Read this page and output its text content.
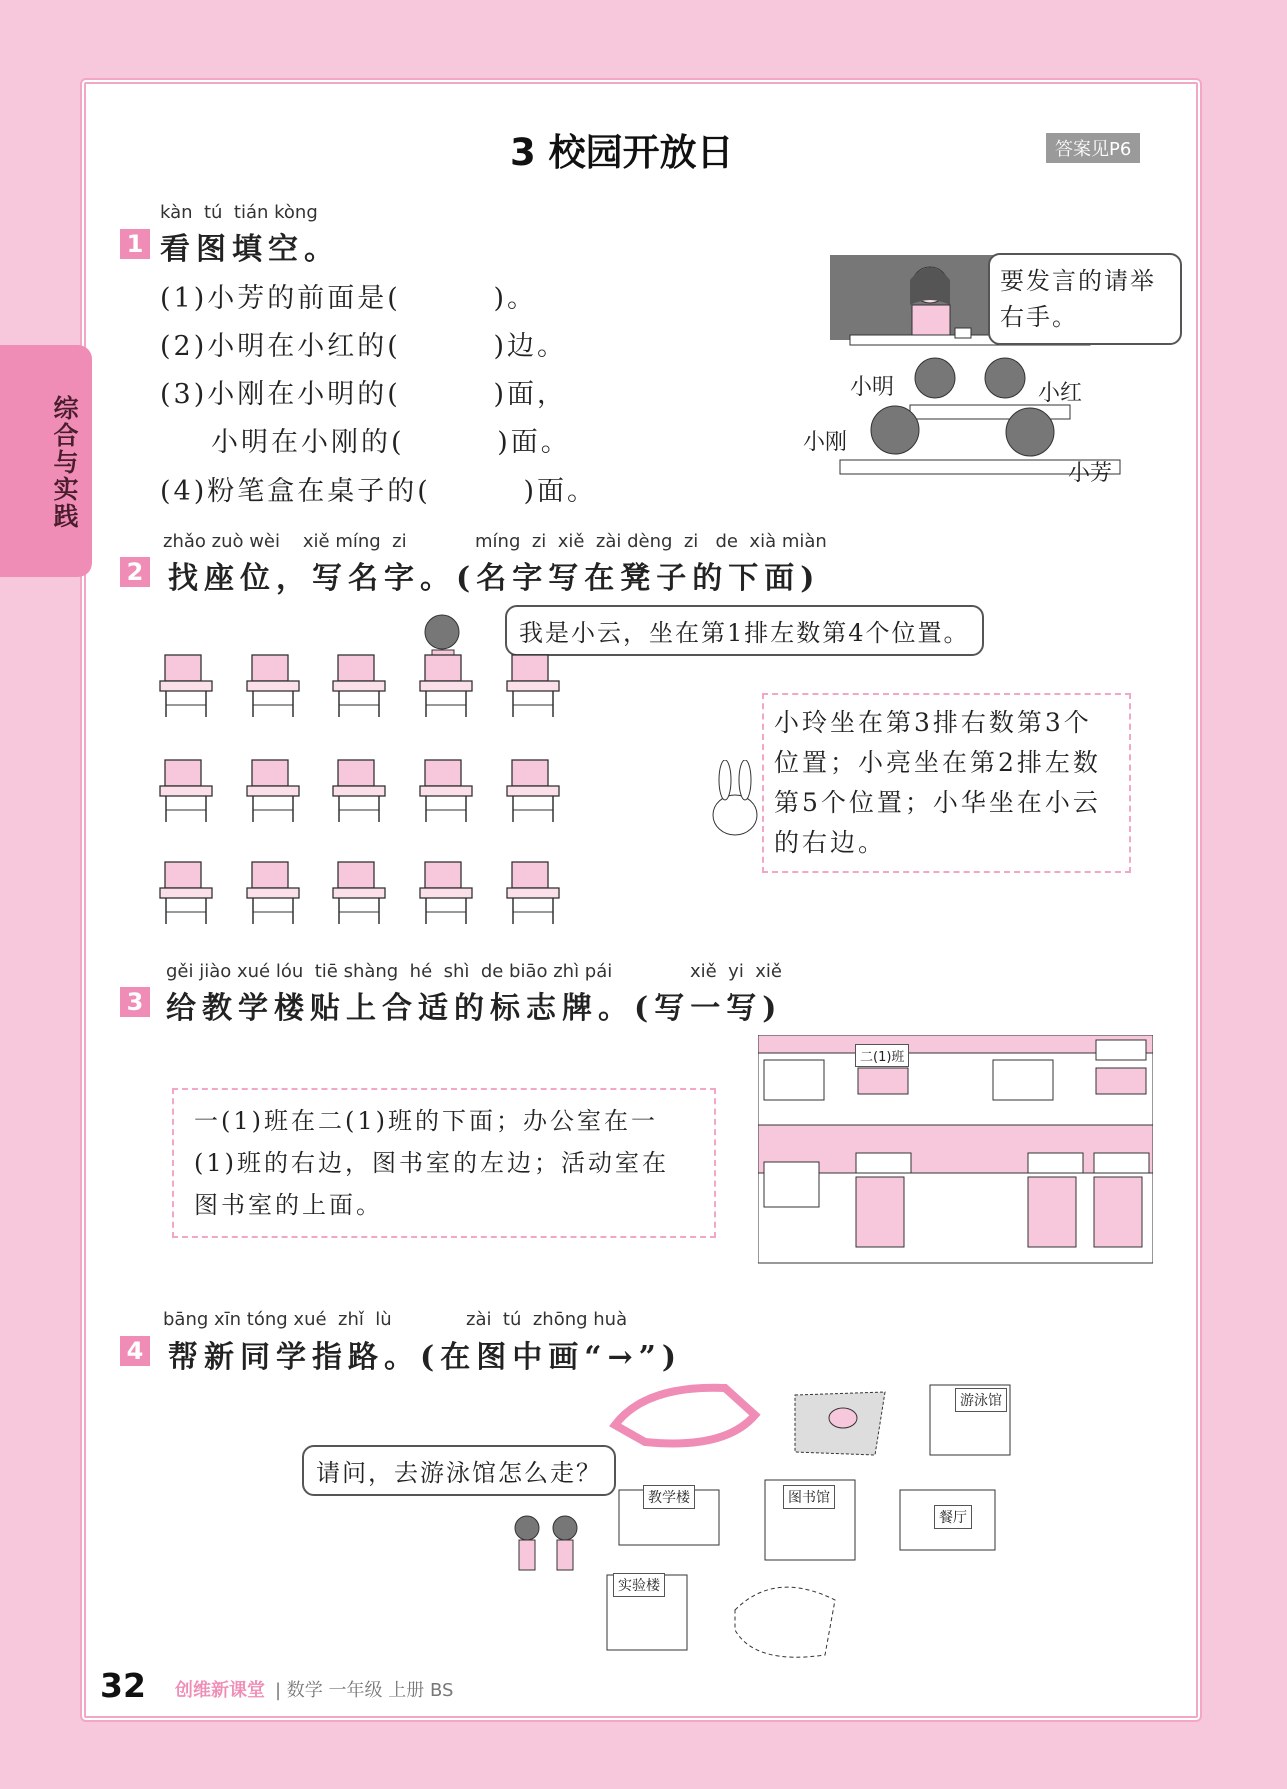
综合与实践
3 校园开放日	答案见P6
kàn  tú  tián kòng
1 看图填空。
(1)小芳的前面是(        )。
(2)小明在小红的(        )边。
(3)小刚在小明的(        )面，
小明在小刚的(        )面。
(4)粉笔盒在桌子的(        )面。
要发言的请举右手。
小明	小红
小刚
小芳
zhǎo zuò wèi    xiě míng  zi	míng  zi  xiě  zài dèng  zi   de  xià miàn
2 找座位，写名字。(名字写在凳子的下面)
我是小云，坐在第1排左数第4个位置。
小玲坐在第3排右数第3个位置；小亮坐在第2排左数第5个位置；小华坐在小云的右边。
gěi jiào xué lóu  tiē shàng  hé  shì  de biāo zhì pái	xiě  yi  xiě
3 给教学楼贴上合适的标志牌。(写一写)
一(1)班在二(1)班的下面；办公室在一(1)班的右边，图书室的左边；活动室在图书室的上面。
二(1)班
bāng xīn tóng xué  zhǐ  lù	zài  tú  zhōng huà
4 帮新同学指路。(在图中画“→”)
请问，去游泳馆怎么走？
游泳馆
教学楼	图书馆
餐厅
实验楼
32 创维新课堂 | 数学 一年级 上册 BS
